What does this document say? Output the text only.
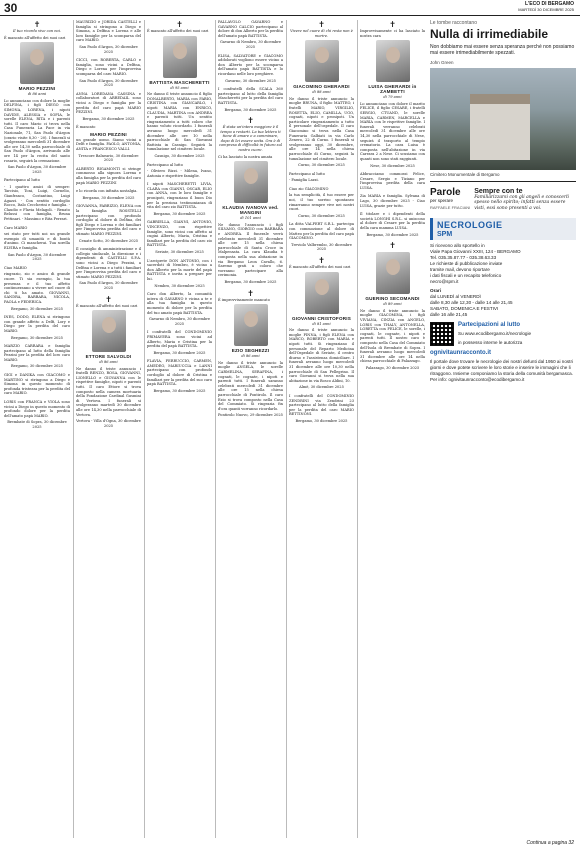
30	L'ECO DI BERGAMO
MARTEDÌ 30 DICEMBRE 2025
✝
Il tuo ricordo vive con noi.

È mancato all'affetto dei suoi cari

MARIO PEZZINI
di 86 anni

Lo annunciano con dolore la moglie DELFINA, i figli DIEGO con SIMONA, LORENA, i nipoti DAVIDE, ALESSIA e SOFIA, le sorelle ELENA, RITA e i parenti tutti. Il caro Mario ci trova nella Casa Funeraria La Pace in via Nazionale, 71, San Paolo d'Argon (orario visite 8,30 - 20). I funerali si svolgeranno mercoledì 31 dicembre alle ore 14,30 nella parrocchiale di San Paolo d'Argon, arrivando alle ore 14 per la recita del santo rosario, seguirà la cremazione.

San Paolo d'Argon, 30 dicembre 2025

Partecipano al lutto

- I quattro amici di sempre: Tarcisio, Toni, Luigi, Cornelio, Gianfranco, Costantino, Luigi Agazzi. - Con sentito cordoglio Rocco, Italo Ceccherini e famiglia. - Claudio e Flavia Melagoli. - Renato Belussi con famiglia, Bruna Pettinari. - Massimo e Rita Ferrari.

Caro MARIO

sei stato per tutti noi un grande esempio di umanità e di bontà d'animo. Ci mancherai. Tua sorella ELVIRA e famiglia.

San Paolo d'Argon, 30 dicembre 2025

Ciao MARIO

ringrazio, zio e amico di grande cuore. Ti sia esempio, la tua presenza e il tuo affetto continueranno a vivere nel cuore di chi ti ha amato. GIOVANNI, SANDRA, BARBARA, NICOLA, PAOLA e FEDERICA.

Bergamo, 30 dicembre 2025

INES, DODO, ELENA si stringono con grande affetto a Delfi, Lory e Diego per la perdita del caro MARIO.

Bergamo, 30 dicembre 2025

MARZIO CARRARA e famiglia partecipano al lutto della famiglia Pezzini per la perdita del loro caro MARIO.

Bergamo, 30 dicembre 2025

GIGI e DANIKA con GIACOMO e MARTINO si stringono a Diego e Simona in questo momento di profonda tristezza per la perdita del caro MARIO.

LORIS con FRANCA e VIOLA sono vicini a Diego in questo momento di profondo dolore per la perdita dell'amato papà MARIO.

Brembate di Sopra, 30 dicembre 2025

MAURIZIO e JORIDA CASTELLI e famiglia si stringono a Diego e Simona, a Delfina e Lorena e alle loro famiglie per la scomparsa del caro MARIO.

San Paolo d'Argon, 30 dicembre 2025

CICCI, con ROBERTA, CARLO e famiglia, sono vicini a Delfina, Diego e Lorena per l'improvvisa scomparsa del caro MARIO.

San Paolo d'Argon, 30 dicembre 2025

ANNA LOREDANA CASSINA e collaboratori di ARREDAIL sono vicini a Diego e famiglia per la perdita del caro papà MARIO PEZZINI.

Bergamo, 30 dicembre 2025

È mancato

MARIO PEZZINI

un grande uomo. Siamo vicini a Delfi e famiglia. PAOLO, ANTONIA, ANITA e FRANCESCO VALLI.

Trescore Balneario, 30 dicembre 2025

ALBERTO BIGAMONTI si stringe commosso alla signora Lorena e alla famiglia per la perdita del caro papà MARIO PEZZINI

e lo ricorda con infinita nostalgia.

Bergamo, 30 dicembre 2025

GIOVANNA, FABRIZIO, ELENA con la famiglia ROSSTELLI partecipano con profondo cordoglio al dolore di Delfina, dei figli Diego e Lorena e dei familiari per l'improvvisa perdita del caro e stimato MARIO PEZZINI.

Cenate Sotto, 30 dicembre 2025

Il consiglio di amministrazione e il collegio sindacale, la direzione e i dipendenti di CASTELLI S.P.A. sono vicini a Diego Pezzini, a Delfina e Lorena e a tutti i familiari per l'improvvisa perdita del caro e stimato MARIO PEZZINI.

San Paolo d'Argon, 30 dicembre 2025
✝

È mancato all'affetto dei suoi cari

ETTORE SALVOLDI
di 86 anni

Ne danno il triste annuncio i fratelli RENZO, ROSA, GIOVANNI, LIONELLO e GIOVANNA con le rispettive famiglie, nipoti e parenti tutti. Il caro Ettore si trova composto nella camera mortuaria della Fondazione Cardinal Gusmini di Vertova. I funerali si svolgeranno martedì 30 dicembre alle ore 14,30 nella parrocchiale di Vertova.

Vertova - Villa d'Ogna, 30 dicembre 2025
✝

È mancato all'affetto dei suoi cari

BATTISTA MASCHERETTI
di 95 anni

Ne danno il triste annuncio il figlio DONALBERTO, MARIA con FABIO, CRISTINA con GIANCARLO, i nipoti MARIA con ENRICO, CLAUDIA, MARTINA con ANDREA e parenti tutti. Un sentito ringraziamento a tutti coloro che hanno voluto ricordarlo. I funerali avranno luogo mercoledì 31 dicembre alle ore 10 nella parrocchiale di San Giovanni Battista in Casnigo. Seguirà la tumulazione nel cimitero locale.

Casnigo, 30 dicembre 2025

Partecipano al lutto

- Oliviero Rizzi. - Milena, Ivano, Antonia e rispettive famiglie.

I nipoti MASCHERETTI LIVIA, CLARA con GIANNI, OSCAR, ELIO con ANNA, con le loro famiglie e pronipoti, ringraziano il buon Dio per la preziosa testimonianza di vita del caro zio BATTISTA.

Bergamo, 30 dicembre 2025

GABRIELLA, GIANNI, ANTONIO, VINCENZO, con rispettive famiglie, sono vicini con affetto ai cugini Alberto, Maria, Cristina e familiari per la perdita del caro zio BATTISTA.

Seriate, 30 dicembre 2025

L'arciprete DON ANTONIO, con i sacerdoti di Nembro, è vicino a don Alberto per la morte del papà BATTISTA e invita a pregare per lui.

Nembro, 30 dicembre 2025

Caro don Alberto, la comunità intera di GAVARNO è vicina a te e alla tua famiglia in questo momento di dolore per la perdita del tuo amato papà BATTISTA.

Gavarno di Nembro, 30 dicembre 2025

I confratelli del CONDOMINIO PRIMAVERA sono vicini ad Alberto, Maria e Cristina per la perdita del papà BATTISTA.

Bergamo, 30 dicembre 2025

FLAVIA, FERRUCCIO, CARMEN, AMEDEO, MARIUCCIA e LANNI partecipano con profondo cordoglio al dolore di Cristina e familiari per la perdita del suo caro papà BATTISTA.

Bergamo, 30 dicembre 2025

PALLAVOLO GAVARNO e GAVARNO CALCIO partecipano al dolore di don Alberto per la perdita dell'amato papà BATTISTA.

Gavarno di Nembro, 30 dicembre 2025

ELISA, SALVATORE e GIACOMO addolorati vogliono essere vicino a don Alberto per la scomparsa dell'amato papà BATTISTA e lo ricordano nelle loro preghiere.

Gavarno, 30 dicembre 2025

I confratelli della SCALA 360 partecipano al lutto della famiglia Mascheretti per la perdita del caro BATTISTA.

Bergamo, 30 dicembre 2025
✝
È stata un'intera maggiore è il tempo a restarti. La tua lettera ti tiene di amare e a camminare, dopo di lei essere unita. Ora è di compresa di difficoltà in futuro sul nostro cuore.

Ci ha lasciato la nostra amata

KLAUDIA IVANOVA ved. MANGINI
di 101 anni

Ne danno l'annuncio i figli SILVANO, GIORGIO con BARBARA e ANDREA. Il funerale verrà celebrato mercoledì 31 dicembre alle ore 15 nella chiesa parrocchiale di Santa Croce in Malpensata. La cara Klaudia è composta nella sua abitazione in via Bergamo Leon Cavallo, 6. Saremo grati a coloro che vorranno partecipare alla cerimonia.

Bergamo, 30 dicembre 2025
✝

È improvvisamente mancato

EZIO SEGHEZZI
di 86 anni

Ne danno il triste annuncio la moglie ANGELA, le sorelle CARMELINA, SERAFINA, i cognati, le cognate, i nipoti e parenti tutti. I funerali saranno celebrati mercoledì 31 dicembre alle ore 15 nella chiesa parrocchiale di Pontirolo. Il caro Ezio si trova composto nella Casa del Commiato. Si ringrazia fin d'ora quanti vorranno ricordarlo.

Pontirolo Nuovo, 29 dicembre 2025
✝
Vivere nel cuore di chi resta non è morire.
GIACOMINO GHERARDI
di 88 anni

Ne danno il triste annuncio la moglie BRUNA, il figlio MATTEO, i fratelli MARIO, VIRGILIO, ROSETTA, ELIO, CAMILLA, UGO, cognati, nipoti e pronipoti. Un particolare ringraziamento a tutto il personale dell'ospedale. Il caro Giacomino si trova nella Casa Funeraria Galbiati in via Carlo Zenero, 22 di Curno. I funerali si svolgeranno oggi, 30 dicembre, alle ore 14 nella chiesa parrocchiale di Curno, seguirà la tumulazione nel cimitero locale.

Curno, 30 dicembre 2025

Partecipano al lutto

- Famiglia Lazzi.

Ciao zio GIACOMINO

la tua semplicità, il tuo essere per noi, il tuo sorriso spontaneo rimarranno sempre vive nei nostri cuori.

Curno, 30 dicembre 2025

La ditta VALFERT S.R.L. partecipa con commozione al dolore di Matteo per la perdita del caro papà GIACOMINO.

Treviolo Valbrembo, 30 dicembre 2025
✝

È mancato all'affetto dei suoi cari

GIOVANNI CRISTOFORIS
di 81 anni

Ne danno il triste annuncio la moglie PINNA, i figli ELENA con MARCO, ROBERTO con MARIA e nipoti tutti. Si ringraziano il personale del Reparto Medicina dell'Ospedale di Seriate, il centro diurno e l'assistenza domiciliare. I funerali avranno luogo mercoledì 31 dicembre alle ore 10,30 nella parrocchiale di San Pellegrino. Il caro Giovanni si trova nella sua abitazione in via Bosco Aldini, 10.

Almè, 30 dicembre 2025

I confratelli del CONDOMINIO ZENDRINI via Zendrini 23 partecipano al lutto della famiglia per la perdita del caro MARIO BETTINONI.

Bergamo, 30 dicembre 2025
✝

Improvvisamente ci ha lasciato la nostra cara

LUISA GHERARDI in ZAMBETTI
di 79 anni

Lo annunciano con dolore il marito FELICE, il figlio CESARE, i fratelli SERGIO, CTUAND, le sorelle MARIA, CARMEN, MARCELLA e MARIA con le rispettive famiglie. I funerali verranno celebrati mercoledì 31 dicembre alle ore 14,30 nella parrocchiale di Nese, seguirà il trasporto al tempio crematorio. La cara Luisa è composta nell'abitazione in via Carrara 2 a Nese. Ci scusiamo con quanti non sono stati raggiunti.

Nese, 30 dicembre 2025

Abbracciamo commossi Felice, Cesare, Sergio e Tiziano per l'improvvisa perdita della cara LUISA.

Zia MARIA e famiglia. Sylvana di Lago, 30 dicembre 2025 - Ciao LUISA, grazie per tutto.

Il titolare e i dipendenti della società LONGHI S.R.L. si uniscono al dolore di Cesare per la perdita della cara mamma LUISA.

Bergamo, 30 dicembre 2025
✝
GUERINO SECOMANDI
di 89 anni

Ne danno il triste annuncio la moglie GIACOMINA, i figli VIVIANA, CINZIA con ANGELO, LORIS con THALY, ANTONELLA, LORETTA con FELICE, le sorelle, i cognati, le cognate, i nipoti e parenti tutti. Il nostro caro è composto nella Casa del Commiato dell'Isola di Brembate di Sopra. I funerali avranno luogo mercoledì 31 dicembre alle ore 14 nella chiesa parrocchiale di Palazzago.

Palazzago, 30 dicembre 2025
Le tombe raccontano
Nulla di irrimediabile
Non dobbiamo mai essere senza speranza perché non possiamo mai essere irrimediabilmente spezzati.
John Green
Cimitero Monumentale di Bergamo
Parole
per sperare
RAFFAELE FRACIANI
Sempre con te
Familiarizzarsi con gli angeli e conoscerli spesso nello spirito; infatti senza essere visti, essi sono presenti a voi.
NECROLOGIE
SPM
Si ricevono allo sportello in
Viale Papa Giovanni XXIII, 124 - BERGAMO
Tel. 035.35.87.77 - 035.38.63.33
Le richieste di pubblicazione inviate
tramite mail, devono riportare
i dati fiscali e un recapito telefonico
necro@spm.it
Orari
dal LUNEDÌ al VENERDÌ
dalle 8,30 alle 12,30 - dalle 14 alle 21,45
SABATO, DOMENICA E FESTIVI
dalle 16 alle 21,45
Partecipazioni al lutto
Su www.ecodibergamo.it/necrologie
in possesso interne le autorizza
ognivitaunracconto.it
Il portale dove trovare le necrologie dei nostri defunti dal 1950 ai nostri giorni e dove potete scrivere le loro storie e inserire le immagini che li ritraggono. Insieme componiamo la storia della comunità bergamasca. Per info: ognivitaunracconto@ecodibergamo.it
Continua a pagina 32
